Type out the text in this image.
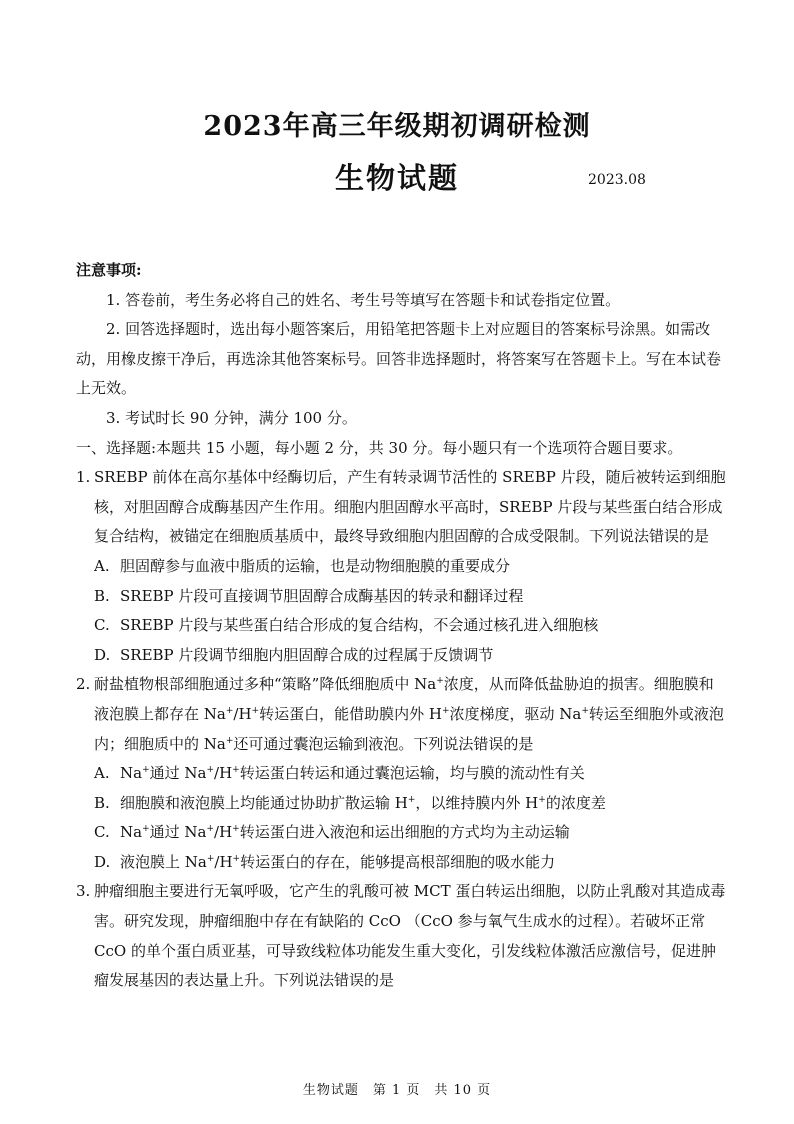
2023年高三年级期初调研检测
生物试题	2023.08

注意事项:

1. 答卷前，考生务必将自己的姓名、考生号等填写在答题卡和试卷指定位置。

2. 回答选择题时，选出每小题答案后，用铅笔把答题卡上对应题目的答案标号涂黑。如需改动，用橡皮擦干净后，再选涂其他答案标号。回答非选择题时，将答案写在答题卡上。写在本试卷上无效。

3. 考试时长 90 分钟，满分 100 分。

一、选择题:本题共 15 小题，每小题 2 分，共 30 分。每小题只有一个选项符合题目要求。

1. SREBP 前体在高尔基体中经酶切后，产生有转录调节活性的 SREBP 片段，随后被转运到细胞核，对胆固醇合成酶基因产生作用。细胞内胆固醇水平高时，SREBP 片段与某些蛋白结合形成复合结构，被锚定在细胞质基质中，最终导致细胞内胆固醇的合成受限制。下列说法错误的是
A. 胆固醇参与血液中脂质的运输，也是动物细胞膜的重要成分
B. SREBP 片段可直接调节胆固醇合成酶基因的转录和翻译过程
C. SREBP 片段与某些蛋白结合形成的复合结构，不会通过核孔进入细胞核
D. SREBP 片段调节细胞内胆固醇合成的过程属于反馈调节
2. 耐盐植物根部细胞通过多种“策略”降低细胞质中 Na+浓度，从而降低盐胁迫的损害。细胞膜和液泡膜上都存在 Na+/H+转运蛋白，能借助膜内外 H+浓度梯度，驱动 Na+转运至细胞外或液泡内；细胞质中的 Na+还可通过囊泡运输到液泡。下列说法错误的是
A. Na+通过 Na+/H+转运蛋白转运和通过囊泡运输，均与膜的流动性有关
B. 细胞膜和液泡膜上均能通过协助扩散运输 H+，以维持膜内外 H+的浓度差
C. Na+通过 Na+/H+转运蛋白进入液泡和运出细胞的方式均为主动运输
D. 液泡膜上 Na+/H+转运蛋白的存在，能够提高根部细胞的吸水能力
3. 肿瘤细胞主要进行无氧呼吸，它产生的乳酸可被 MCT 蛋白转运出细胞，以防止乳酸对其造成毒害。研究发现，肿瘤细胞中存在有缺陷的 CcO （CcO 参与氧气生成水的过程）。若破坏正常 CcO 的单个蛋白质亚基，可导致线粒体功能发生重大变化，引发线粒体激活应激信号，促进肿瘤发展基因的表达量上升。下列说法错误的是
生物试题　第 1 页　共 10 页
